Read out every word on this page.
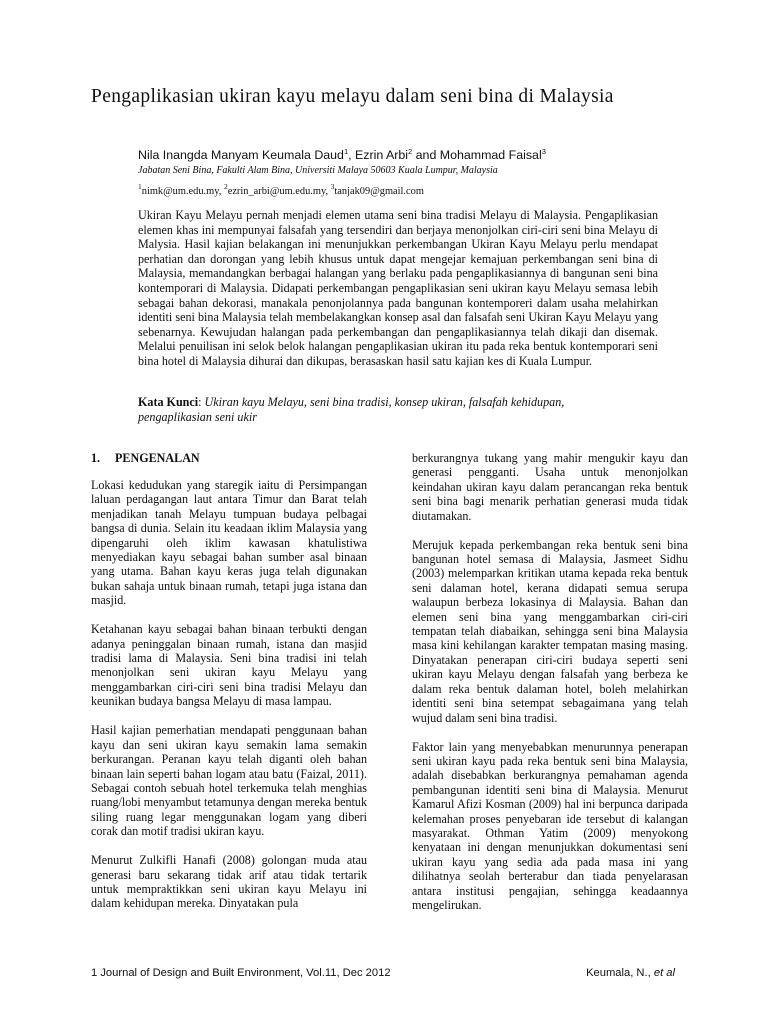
Pengaplikasian ukiran kayu melayu dalam seni bina di Malaysia
Nila Inangda Manyam Keumala Daud$^1$, Ezrin Arbi$^2$ and Mohammad Faisal$^3$
Jabatan Seni Bina, Fakulti Alam Bina, Universiti Malaya 50603 Kuala Lumpur, Malaysia
$^1$nimk@um.edu.my, $^2$ezrin_arbi@um.edu.my, $^3$tanjak09@gmail.com

Ukiran Kayu Melayu pernah menjadi elemen utama seni bina tradisi Melayu di Malaysia. Pengaplikasian elemen khas ini mempunyai falsafah yang tersendiri dan berjaya menonjolkan ciri-ciri seni bina Melayu di Malysia. Hasil kajian belakangan ini menunjukkan perkembangan Ukiran Kayu Melayu perlu mendapat perhatian dan dorongan yang lebih khusus untuk dapat mengejar kemajuan perkembangan seni bina di Malaysia, memandangkan berbagai halangan yang berlaku pada pengaplikasiannya di bangunan seni bina kontemporari di Malaysia. Didapati perkembangan pengaplikasian seni ukiran kayu Melayu semasa lebih sebagai bahan dekorasi, manakala penonjolannya pada bangunan kontemporeri dalam usaha melahirkan identiti seni bina Malaysia telah membelakangkan konsep asal dan falsafah seni Ukiran Kayu Melayu yang sebenarnya. Kewujudan halangan pada perkembangan dan pengaplikasiannya telah dikaji dan disemak. Melalui penuilisan ini selok belok halangan pengaplikasian ukiran itu pada reka bentuk kontemporari seni bina hotel di Malaysia dihurai dan dikupas, berasaskan hasil satu kajian kes di Kuala Lumpur.

Kata Kunci: Ukiran kayu Melayu, seni bina tradisi, konsep ukiran, falsafah kehidupan, pengaplikasian seni ukir
1. PENGENALAN

Lokasi kedudukan yang staregik iaitu di Persimpangan laluan perdagangan laut antara Timur dan Barat telah menjadikan tanah Melayu tumpuan budaya pelbagai bangsa di dunia. Selain itu keadaan iklim Malaysia yang dipengaruhi oleh iklim kawasan khatulistiwa menyediakan kayu sebagai bahan sumber asal binaan yang utama. Bahan kayu keras juga telah digunakan bukan sahaja untuk binaan rumah, tetapi juga istana dan masjid.

Ketahanan kayu sebagai bahan binaan terbukti dengan adanya peninggalan binaan rumah, istana dan masjid tradisi lama di Malaysia. Seni bina tradisi ini telah menonjolkan seni ukiran kayu Melayu yang menggambarkan ciri-ciri seni bina tradisi Melayu dan keunikan budaya bangsa Melayu di masa lampau.

Hasil kajian pemerhatian mendapati penggunaan bahan kayu dan seni ukiran kayu semakin lama semakin berkurangan. Peranan kayu telah diganti oleh bahan binaan lain seperti bahan logam atau batu (Faizal, 2011). Sebagai contoh sebuah hotel terkemuka telah menghias ruang/lobi menyambut tetamunya dengan mereka bentuk siling ruang legar menggunakan logam yang diberi corak dan motif tradisi ukiran kayu.

Menurut Zulkifli Hanafi (2008) golongan muda atau generasi baru sekarang tidak arif atau tidak tertarik untuk mempraktikkan seni ukiran kayu Melayu ini dalam kehidupan mereka. Dinyatakan pula

berkurangnya tukang yang mahir mengukir kayu dan generasi pengganti. Usaha untuk menonjolkan keindahan ukiran kayu dalam perancangan reka bentuk seni bina bagi menarik perhatian generasi muda tidak diutamakan.

Merujuk kepada perkembangan reka bentuk seni bina bangunan hotel semasa di Malaysia, Jasmeet Sidhu (2003) melemparkan kritikan utama kepada reka bentuk seni dalaman hotel, kerana didapati semua serupa walaupun berbeza lokasinya di Malaysia. Bahan dan elemen seni bina yang menggambarkan ciri-ciri tempatan telah diabaikan, sehingga seni bina Malaysia masa kini kehilangan karakter tempatan masing masing. Dinyatakan penerapan ciri-ciri budaya seperti seni ukiran kayu Melayu dengan falsafah yang berbeza ke dalam reka bentuk dalaman hotel, boleh melahirkan identiti seni bina setempat sebagaimana yang telah wujud dalam seni bina tradisi.

Faktor lain yang menyebabkan menurunnya penerapan seni ukiran kayu pada reka bentuk seni bina Malaysia, adalah disebabkan berkurangnya pemahaman agenda pembangunan identiti seni bina di Malaysia. Menurut Kamarul Afizi Kosman (2009) hal ini berpunca daripada kelemahan proses penyebaran ide tersebut di kalangan masyarakat. Othman Yatim (2009) menyokong kenyataan ini dengan menunjukkan dokumentasi seni ukiran kayu yang sedia ada pada masa ini yang dilihatnya seolah berterabur dan tiada penyelarasan antara institusi pengajian, sehingga keadaannya mengelirukan.

1 Journal of Design and Built Environment, Vol.11, Dec 2012	Keumala, N., et al
